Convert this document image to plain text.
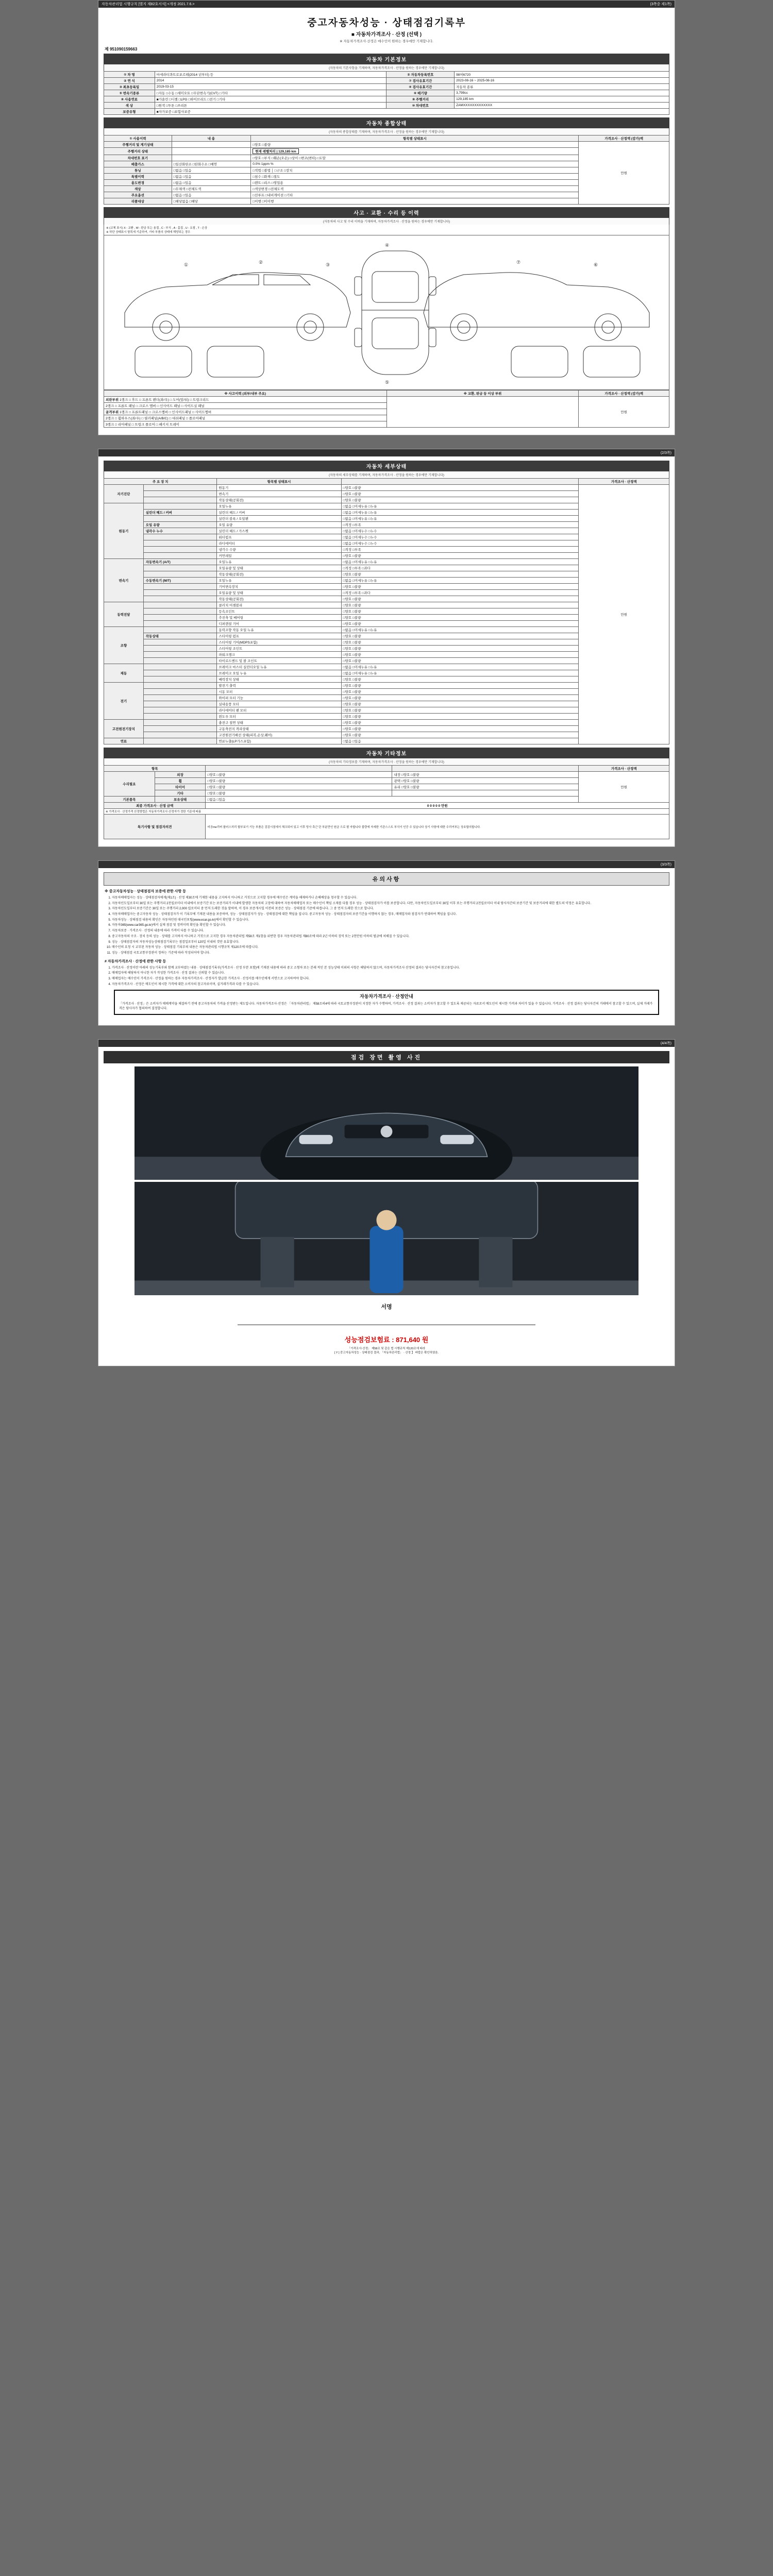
자동차관리법 시행규칙 [별지 제82호서식] <개정 2021.7.6.>	(3쪽중 제1쪽)
중고자동차성능 · 상태점검기록부
■ 자동차가격조사 · 산정 (선택 )
※ 자동차가격조사·산정은 매수인이 원하는 경우에만 기재합니다.
제 951090159663
자동차 기본정보
(자동차의 기본사항을 기재하며, 자동차가격조사 · 산정을 원하는 경우에만 기재합니다)
① 차 명	마세라티콰트로포르테(2014 년부터) 등	② 자동차등록번호	98허6720
② 연 식	2014	⑦ 검사유효기간	2023-08-16 ~ 2025-08-16
③ 최초등록일	2019-03-15	④ 검사유효기간	자동차 종류
⑤ 변속기종류	□자동 □수동 □세미오토 □무단변속기(CVT) □기타	⑥ 배기량	3,799cc
⑧ 사용연료	■가솔린 □디젤 □LPG □하이브리드 □전기 □기타	⑨ 주행거리	129,185 km
색 상	□원색 □투톤 □쓰리톤	⑩ 차대번호	ZAMXXXXXXXXXXXXX
보증유형	■자가보증 □보험사보증		
자동차 종합상태
(자동차의 종합상태를 기재하며, 자동차가격조사 · 산정을 원하는 경우에만 기재합니다)
① 사용이력	내 용	항목별 상태표시	가격조사 · 산정액 (감가)액
주행거리 및 계기상태		□양호 □불량	만원
주행거리 상태		현재 레벨처리 | 129,185 km	
차대번호 표기		□양호 □부식 □훼손(오손) □상이 □변조(변타) □도말	
배출가스	□일산화탄소 □탄화수소 □매연	0.0% 1ppm %	
튜닝	□없음 □있음	□적법 □불법 │ □구조 □장치	
특별이력	□없음 □있음	□침수 □화재 □절도	
용도변경	□없음 □있음	□렌트 □리스 □영업용	
색상	□무채색 □전체도색	□색상변경 □전체도색	
주요옵션	□없음 □있음	□선루프 □내비게이션 □기타	
리콜대상	□해당없음 □해당	□이행 □미이행	
사고 · 교환 · 수리 등 이력
(자동차의 사고 및 수리 이력을 기재하며, 자동차가격조사 · 산정을 원하는 경우에만 기재합니다)
※ (교체 표시) X : 교환 , W : 판금 또는 용접 , C : 부식 , A : 흠집 , U : 요철 , T : 손상
※ 하단 상태표시 항목에 기준하여, 기타 부품의 상태에 해당되는 경우
①	②	③
④
⑤
⑥
⑦
※ 사고이력 (외부/내부 주요)	※ 교환, 판금 등 이상 부위	가격조사 · 산정액 (감가)액
외판부위 1랭크 □ 후드 □ 프론트 펜더(좌/우) □ 도어(앞/뒤) □ 트렁크리드		만원
2랭크 □ 프론트 패널 □ 크로스 멤버 □ 인사이드 패널 □ 사이드실 패널		
골격부위 1랭크 □ 프론트패널 □ 크로스멤버 □ 인사이드패널 □ 사이드멤버		
2랭크 □ 휠하우스(좌/우) □ 필러패널(A/B/C) □ 대쉬패널 □ 플로어패널		
3랭크 □ 리어패널 □ 트렁크 플로어 □ 패키지 트레이		
(2/3쪽)
자동차 세부상태
(자동차의 세부상태를 기재하며, 자동차가격조사 · 산정을 원하는 경우에만 기재합니다)
주 요 장 치		항목별 상태표시		가격조사 · 산정액
자기진단		원동기	□양호 □불량	만원
		변속기	□양호 □불량	
		작동상태(공회전)	□양호 □불량	
원동기		오일누유	□없음 □미세누유 □누유	
	실린더 헤드 / 커버	실린더 헤드 / 커버	□없음 □미세누유 □누유	
		실린더 블록 / 오일팬	□없음 □미세누유 □누유	
	오일 유량	오일 유량	□적정 □부족	
	냉각수 누수	실린더 헤드 / 가스켓	□없음 □미세누수 □누수	
		워터펌프	□없음 □미세누수 □누수	
		라디에이터	□없음 □미세누수 □누수	
		냉각수 수량	□적정 □부족	
		커먼레일	□양호 □불량	
변속기	자동변속기 (A/T)	오일누유	□없음 □미세누유 □누유	
		오일유량 및 상태	□적정 □부족 □과다	
		작동상태(공회전)	□양호 □불량	
	수동변속기 (M/T)	오일누유	□없음 □미세누유 □누유	
		기어변속장치	□양호 □불량	
		오일유량 및 상태	□적정 □부족 □과다	
		작동상태(공회전)	□양호 □불량	
동력전달		클러치 어셈블리	□양호 □불량	
		등속조인트	□양호 □불량	
		추진축 및 베어링	□양호 □불량	
		디퍼렌셜 기어	□양호 □불량	
조향		동력조향 작동 오일 누유	□없음 □미세누유 □누유	
	작동상태	스티어링 펌프	□양호 □불량	
		스티어링 기어(MDPS포함)	□양호 □불량	
		스티어링 조인트	□양호 □불량	
		파워크랭크	□양호 □불량	
		타이로드엔드 및 볼 조인트	□양호 □불량	
제동		브레이크 마스터 실린더오일 누유	□없음 □미세누유 □누유	
		브레이크 오일 누유	□없음 □미세누유 □누유	
		배력장치 상태	□양호 □불량	
전기		발전기 출력	□양호 □불량	
		시동 모터	□양호 □불량	
		와이퍼 모터 기능	□양호 □불량	
		실내송풍 모터	□양호 □불량	
		라디에이터 팬 모터	□양호 □불량	
		윈도우 모터	□양호 □불량	
고전원전기장치		충전구 절연 상태	□양호 □불량	
		구동축전지 격리상태	□양호 □불량	
		고전원전기배선 상태(피복,손상,웨어)	□양호 □불량	
연료		연료누출(LP가스포함)	□없음 □있음	
자동차 기타정보
(자동차의 기타정보를 기재하며, 자동차가격조사 · 산정을 원하는 경우에만 기재합니다)
항목				가격조사 · 산정액
수리필요	외장	□양호 □불량	내장 □양호 □불량	만원
	휠	□양호 □불량	광택 □양호 □불량	
	타이어	□양호 □불량	유리 □양호 □불량	
	기타	□양호 □불량		
기본품목	보유상태	□없음 □있음		
최종 가격조사 · 산정 금액		0 0 0 0 0 만원		
※ 가격조사 · 산정가격 산정방법은 자동차가격조사·산정자가 정한 기준에 따름				
특기사항 및 점검자의견		비공me리버 플러스처리 할부보기 기능 부품은 검검시점에서 체크되어 있고 이후 당사 측근 단 부분만인 원금 으로 팔 자합니다 불량에 자세한 기관스스트 부식이 인증 수 있습니다 상기 사항에 대한 수리여부는 상호합의합니다.		
(3/3쪽)
유의사항
※ 중고자동차성능 · 상태점검자 보증에 관한 사항 등
1. 자동차매매업자는 성능 · 상태점검자에게(제1조) · 산정 제30조에 기재한 내용을 고지하지 아니하고 거짓으로 고지할 경우에 매수인은 계약을 해제하거나 손해배상을 청구할 수 있습니다.
2. 자동차인도일로부터 30일 또는 주행거리 2천킬로미터 이내에서 보증기간 또는 보증거리가 이내에 발생한 자동차의 고장에 대하여 자동차매매업자 또는 매수인이 책임 소재를 다툴 경우 성능 · 상태점검자가 이를 보증합니다. 다만, 자동차인도일로부터 30일 이후 또는 주행거리 2천킬로미터 이내 당사자간의 보증기간 및 보증거리에 대한 별도의 약정은 유효합니다.
3. 자동차인도일부터 보증기간은 30일 또는 주행거리 2,000 킬로미터 중 먼저 도래한 것을 말하며, 이 경우 보증개시일 이전의 보증은 성능 · 상태점검 기준에 따릅니다. 그 중 먼저 도래한 것으로 합니다.
4. 자동차매매업자는 중고자동차 성능 · 상태점검자가 이 기록부에 기재된 내용을 보증하며, 성능 · 상태점검자가 성능 · 상태점검에 대한 책임을 집니다. 중고자동차 성능 · 상태점검자의 보증기간을 이행하지 않는 경우, 매매업자와 점검자가 연대하여 책임을 집니다.
5. 자동차성능 · 상태점검 내용의 확인은 자동차민원 대국민포털(www.ecar.go.kr)에서 확인할 수 있습니다.
6. 자동차365(www.car365.go.kr)에서 실제 점검 및 정비이력 확인을 확인할 수 있습니다.
7. 자동차보증 · 가격조사 · 산정의 내용에 따라 가격이 다를 수 있습니다.
8. 중고자동차의 구조 · 장치 등의 성능 · 상태를 고지하지 아니하고 거짓으로 고지한 경우 자동차관리법 제58조 제1항을 위반한 경우 자동차관리법 제80조에 따라 2년 이하의 징역 또는 2천만원 이하의 벌금에 처해질 수 있습니다.
9. 성능 · 상태점검자의 자동차성능상태점검기록부는 점검일로부터 120일 이내의 것만 유효합니다.
10. 매수인의 요청 시 교부된 자동차 성능 · 상태점검 기록부의 내용은 자동차관리법 시행규칙 제120조에 따릅니다.
11. 성능 · 상태점검 국토교통부장관이 정하는 기준에 따라 작성되어야 합니다.
# 자동차가격조사 · 산정에 관한 사항 등
1. 가격조사 · 산정이란 아래의 성능기록부와 함께 교부하였는 내용 · 상태점검기록부(가격조사 · 산정 부분 포함)에 기재된 내용에 따라 중고 소형차 또는 본래 적인 본 성능상태 이외의 사항은 해당하지 않으며, 자동차가격조사 산정의 결과는 당사자간의 참고용입니다.
2. 매매업자에 해당하지 아니한 자가 작성한 가격조사 · 산정 결과는 신뢰할 수 있습니다.
3. 매매업자는 매수인이 가격조사 · 산정을 원하는 경우 자동차가격조사 · 산정자가 발급한 가격조사 · 산정서를 매수인에게 서면으로 고지하여야 합니다.
4. 자동차가격조사 · 산정은 매도인이 제시한 가격에 대한 소비자의 참고자료이며, 실거래가격과 다를 수 있습니다.
자동차가격조사 · 산정안내
「가격조사 · 산정」은 소비자가 매매계약을 체결하기 전에 중고자동차의 가격을 산정받는 제도입니다. 자동차가격조사·산정은 「자동차관리법」 제58조의4에 따라 국토교통부장관이 지정한 자가 수행하며, 가격조사 · 산정 결과는 소비자가 참고할 수 있도록 제공되는 자료로서 매도인이 제시한 가격과 차이가 있을 수 있습니다. 가격조사 · 산정 결과는 당사자간의 거래에서 참고할 수 있으며, 실제 거래가격은 당사자가 협의하여 결정합니다.
(4/4쪽)
점검 장면 촬영 사진
서명
성능점검보험료 : 871,640 원
「가격조사·산정」 제58조 및 같은 법 시행규칙 제120조에 따라
[ Y ] 중고자동차성능 · 상태점검 결과, 「자동차관리법」 · 산정 】 바랍은 확인하였음.
